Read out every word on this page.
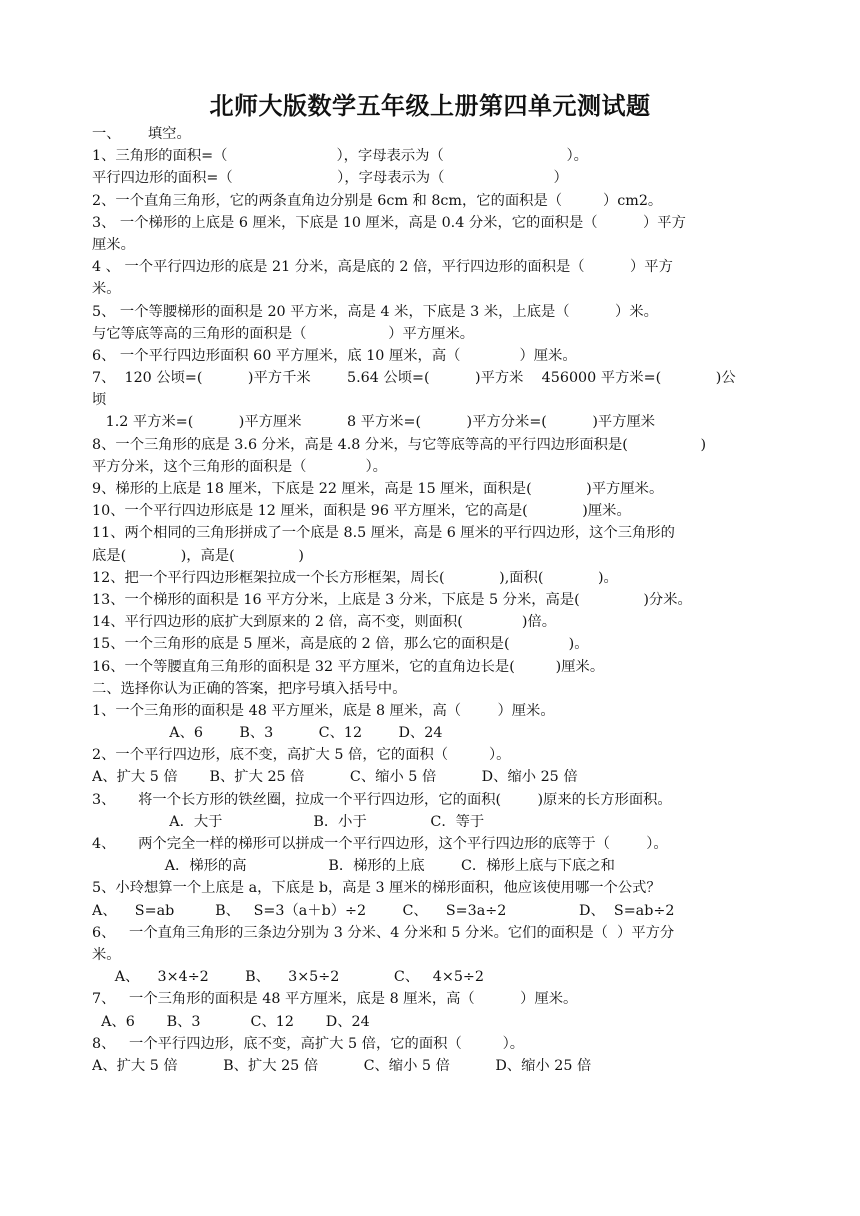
北师大版数学五年级上册第四单元测试题
一、      填空。
1、三角形的面积=（                        ），字母表示为（                           ）。
平行四边形的面积=（                       ），字母表示为（                        ）
2、一个直角三角形，它的两条直角边分别是 6cm 和 8cm，它的面积是（         ）cm2。
3、 一个梯形的上底是 6 厘米，下底是 10 厘米，高是 0.4 分米，它的面积是（          ）平方
厘米。
4 、 一个平行四边形的底是 21 分米，高是底的 2 倍，平行四边形的面积是（          ）平方
米。
5、 一个等腰梯形的面积是 20 平方米，高是 4 米，下底是 3 米，上底是（          ）米。
与它等底等高的三角形的面积是（                  ）平方厘米。
6、 一个平行四边形面积 60 平方厘米，底 10 厘米，高（             ）厘米。
7、  120 公顷=(          )平方千米        5.64 公顷=(          )平方米    456000 平方米=(            )公
顷
1.2 平方米=(          )平方厘米          8 平方米=(          )平方分米=(          )平方厘米
8、一个三角形的底是 3.6 分米，高是 4.8 分米，与它等底等高的平行四边形面积是(                )
平方分米，这个三角形的面积是（             ）。
9、梯形的上底是 18 厘米，下底是 22 厘米，高是 15 厘米，面积是(            )平方厘米。
10、一个平行四边形底是 12 厘米，面积是 96 平方厘米，它的高是(            )厘米。
11、两个相同的三角形拼成了一个底是 8.5 厘米，高是 6 厘米的平行四边形，这个三角形的
底是(            )，高是(              )
12、把一个平行四边形框架拉成一个长方形框架，周长(            ),面积(            )。
13、一个梯形的面积是 16 平方分米，上底是 3 分米，下底是 5 分米，高是(              )分米。
14、平行四边形的底扩大到原来的 2 倍，高不变，则面积(             )倍。
15、一个三角形的底是 5 厘米，高是底的 2 倍，那么它的面积是(             )。
16、一个等腰直角三角形的面积是 32 平方厘米，它的直角边长是(         )厘米。
二、选择你认为正确的答案，把序号填入括号中。
1、一个三角形的面积是 48 平方厘米，底是 8 厘米，高（        ）厘米。
A、6        B、3          C、12        D、24
2、一个平行四边形，底不变，高扩大 5 倍，它的面积（         ）。
A、扩大 5 倍       B、扩大 25 倍          C、缩小 5 倍          D、缩小 25 倍
3、     将一个长方形的铁丝圈，拉成一个平行四边形，它的面积(        )原来的长方形面积。
A．大于                    B．小于              C．等于
4、     两个完全一样的梯形可以拼成一个平行四边形，这个平行四边形的底等于（        ）。
A．梯形的高                  B．梯形的上底        C．梯形上底与下底之和
5、小玲想算一个上底是 a，下底是 b，高是 3 厘米的梯形面积，他应该使用哪一个公式？
A、    S=ab         B、   S=3（a＋b）÷2        C、    S=3a÷2                D、  S=ab÷2
6、   一个直角三角形的三条边分别为 3 分米、4 分米和 5 分米。它们的面积是（  ）平方分
米。
A、    3×4÷2        B、    3×5÷2            C、   4×5÷2
7、   一个三角形的面积是 48 平方厘米，底是 8 厘米，高（          ）厘米。
A、6       B、3           C、12       D、24
8、   一个平行四边形，底不变，高扩大 5 倍，它的面积（         ）。
A、扩大 5 倍          B、扩大 25 倍          C、缩小 5 倍          D、缩小 25 倍
